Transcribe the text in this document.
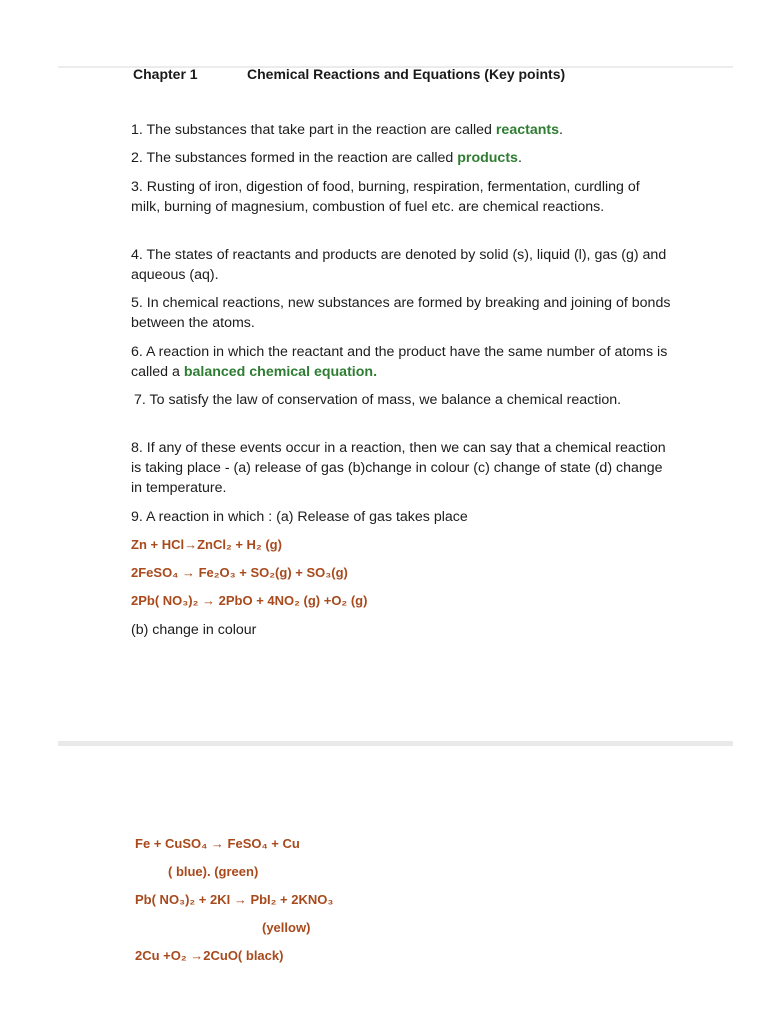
Chapter 1	Chemical Reactions and Equations (Key points)

1. The substances that take part in the reaction are called reactants.

2. The substances formed in the reaction are called products.

3. Rusting of iron, digestion of food, burning, respiration, fermentation, curdling of milk, burning of magnesium, combustion of fuel etc. are chemical reactions.

4. The states of reactants and products are denoted by solid (s), liquid (l), gas (g) and aqueous (aq).

5. In chemical reactions, new substances are formed by breaking and joining of bonds between the atoms.

6. A reaction in which the reactant and the product have the same number of atoms is called a balanced chemical equation.

7. To satisfy the law of conservation of mass, we balance a chemical reaction.

8. If any of these events occur in a reaction, then we can say that a chemical reaction is taking place - (a) release of gas (b)change in colour (c) change of state (d) change in temperature.

9. A reaction in which : (a) Release of gas takes place

Zn + HCl→ZnCl₂ + H₂ (g)
2FeSO₄ → Fe₂O₃ + SO₂(g) + SO₃(g)
2Pb( NO₃)₂ → 2PbO + 4NO₂ (g) +O₂ (g)

(b) change in colour

Fe + CuSO₄ → FeSO₄ + Cu
( blue). (green)
Pb( NO₃)₂ + 2KI → PbI₂ + 2KNO₃
(yellow)
2Cu +O₂ →2CuO( black)
